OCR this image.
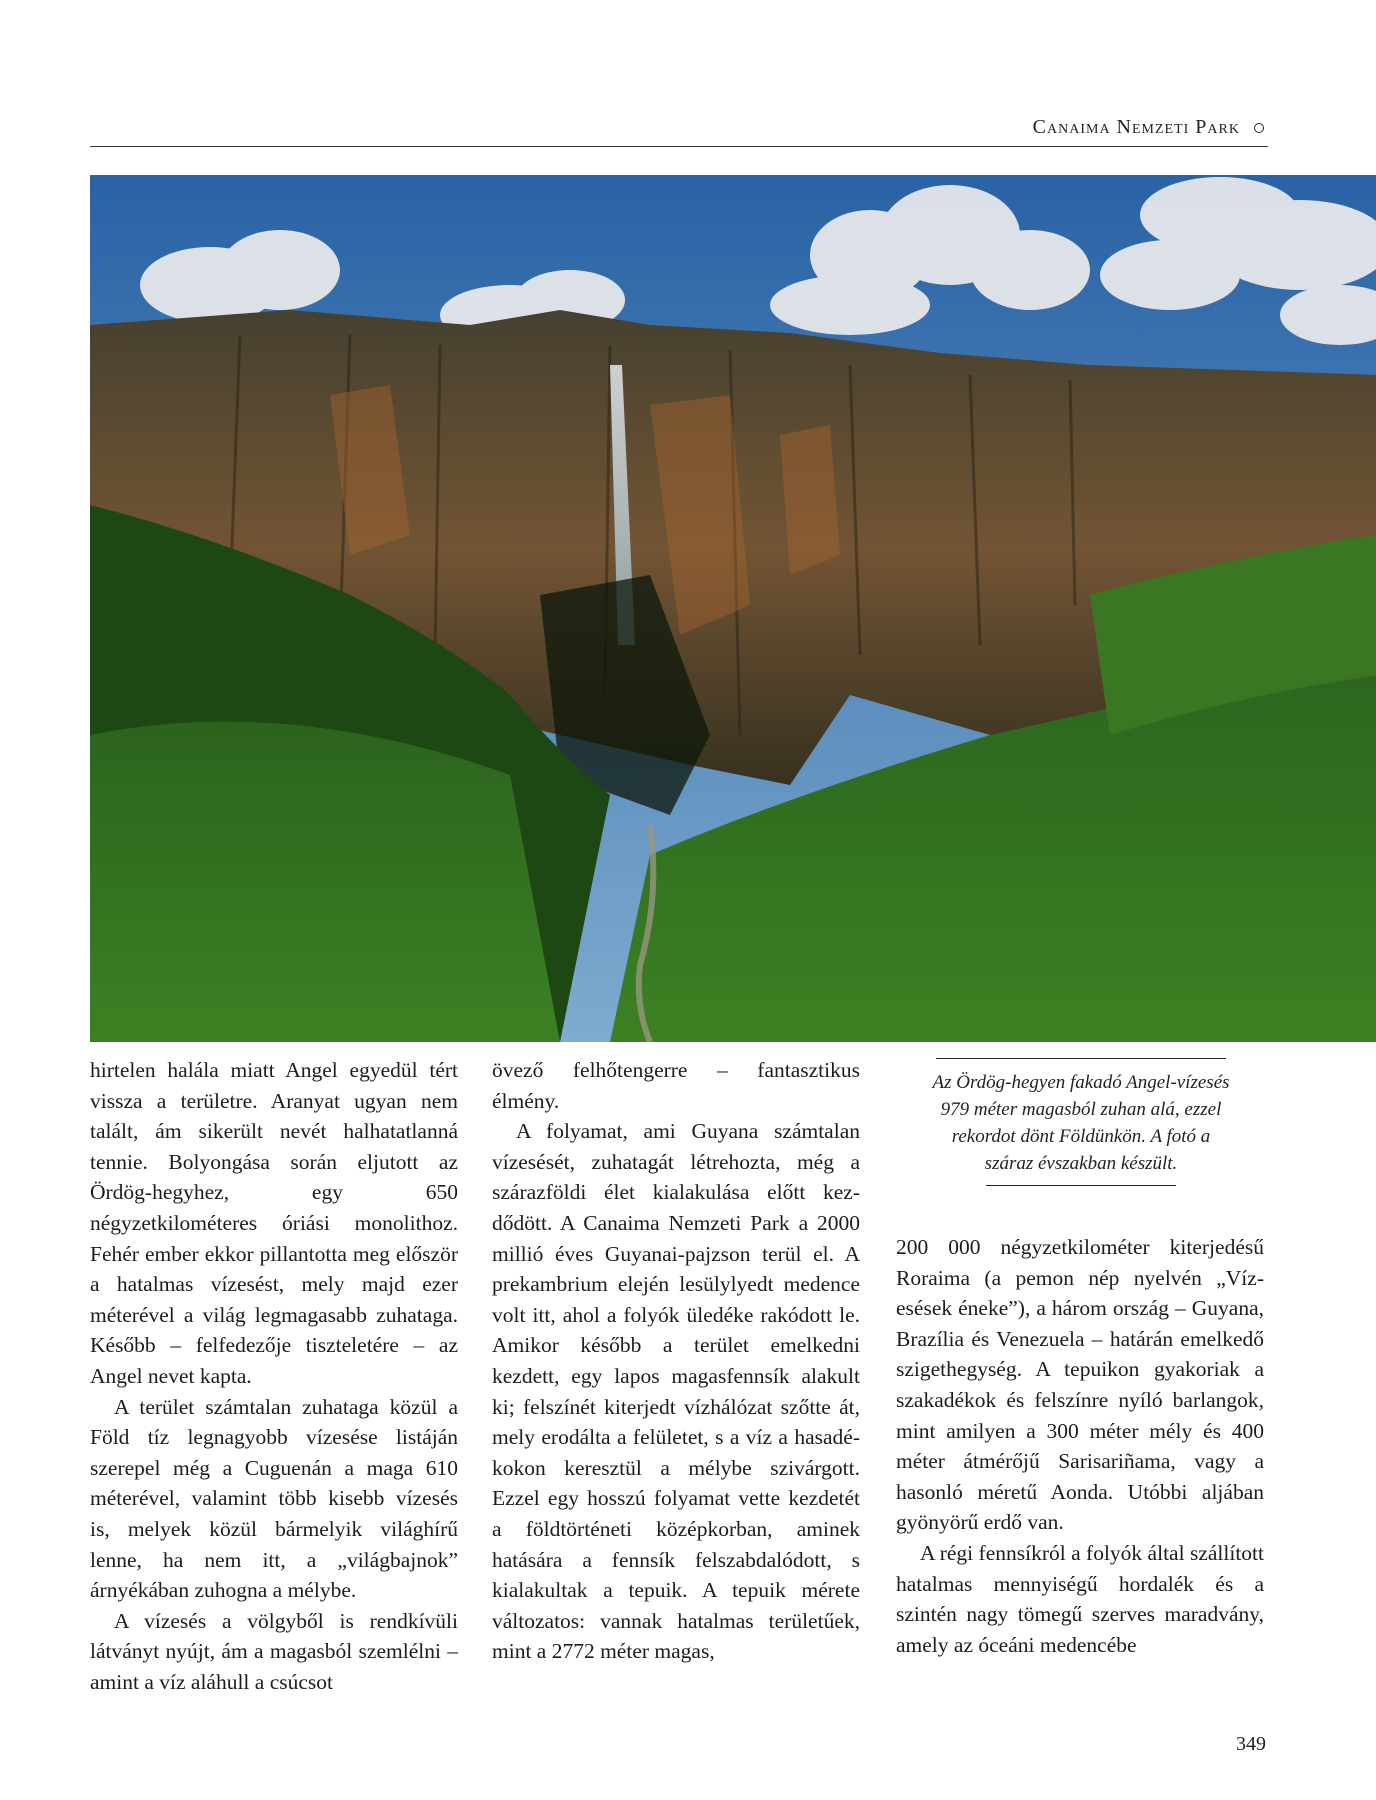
Canaima Nemzeti Park

hirtelen halála miatt Angel egyedül tért vissza a területre. Aranyat ugyan nem talált, ám sikerült nevét halhatatlanná tennie. Bolyongása során eljutott az Ördög-hegyhez, egy 650 négyzetkilométeres óriási monolithoz. Fehér ember ekkor pillantotta meg először a hatalmas vízesést, mely majd ezer méterével a világ legmagasabb zuhataga. Később – felfedezője tiszteletére – az Angel nevet kapta.

A terület számtalan zuhataga közül a Föld tíz legnagyobb vízesése listáján szerepel még a Cuguenán a maga 610 méterével, valamint több kisebb vízesés is, melyek közül bármelyik világhírű lenne, ha nem itt, a „világbajnok” árnyékában zuhogna a mélybe.

A vízesés a völgyből is rendkívüli látványt nyújt, ám a magasból szemlélni – amint a víz aláhull a csúcsot

övező felhőtengerre – fantasztikus élmény.

A folyamat, ami Guyana számtalan vízesését, zuhatagát létrehozta, még a szárazföldi élet kialakulása előtt kezdődött. A Canaima Nemzeti Park a 2000 millió éves Guyanai-pajzson terül el. A prekambrium elején lesülylyedt medence volt itt, ahol a folyók üledéke rakódott le. Amikor később a terület emelkedni kezdett, egy lapos magasfennsík alakult ki; felszínét kiterjedt vízhálózat szőtte át, mely erodálta a felületet, s a víz a hasadékokon keresztül a mélybe szivárgott. Ezzel egy hosszú folyamat vette kezdetét a földtörténeti középkorban, aminek hatására a fennsík felszabdalódott, s kialakultak a tepuik. A tepuik mérete változatos: vannak hatalmas területűek, mint a 2772 méter magas,

Az Ördög-hegyen fakadó Angel-vízesés
979 méter magasból zuhan alá, ezzel
rekordot dönt Földünkön. A fotó a
száraz évszakban készült.

200 000 négyzetkilométer kiterjedésű Roraima (a pemon nép nyelvén „Vízesések éneke”), a három ország – Guyana, Brazília és Venezuela – határán emelkedő szigethegység. A tepuikon gyakoriak a szakadékok és felszínre nyíló barlangok, mint amilyen a 300 méter mély és 400 méter átmérőjű Sarisariñama, vagy a hasonló méretű Aonda. Utóbbi aljában gyönyörű erdő van.

A régi fennsíkról a folyók által szállított hatalmas mennyiségű hordalék és a szintén nagy tömegű szerves maradvány, amely az óceáni medencébe

349
